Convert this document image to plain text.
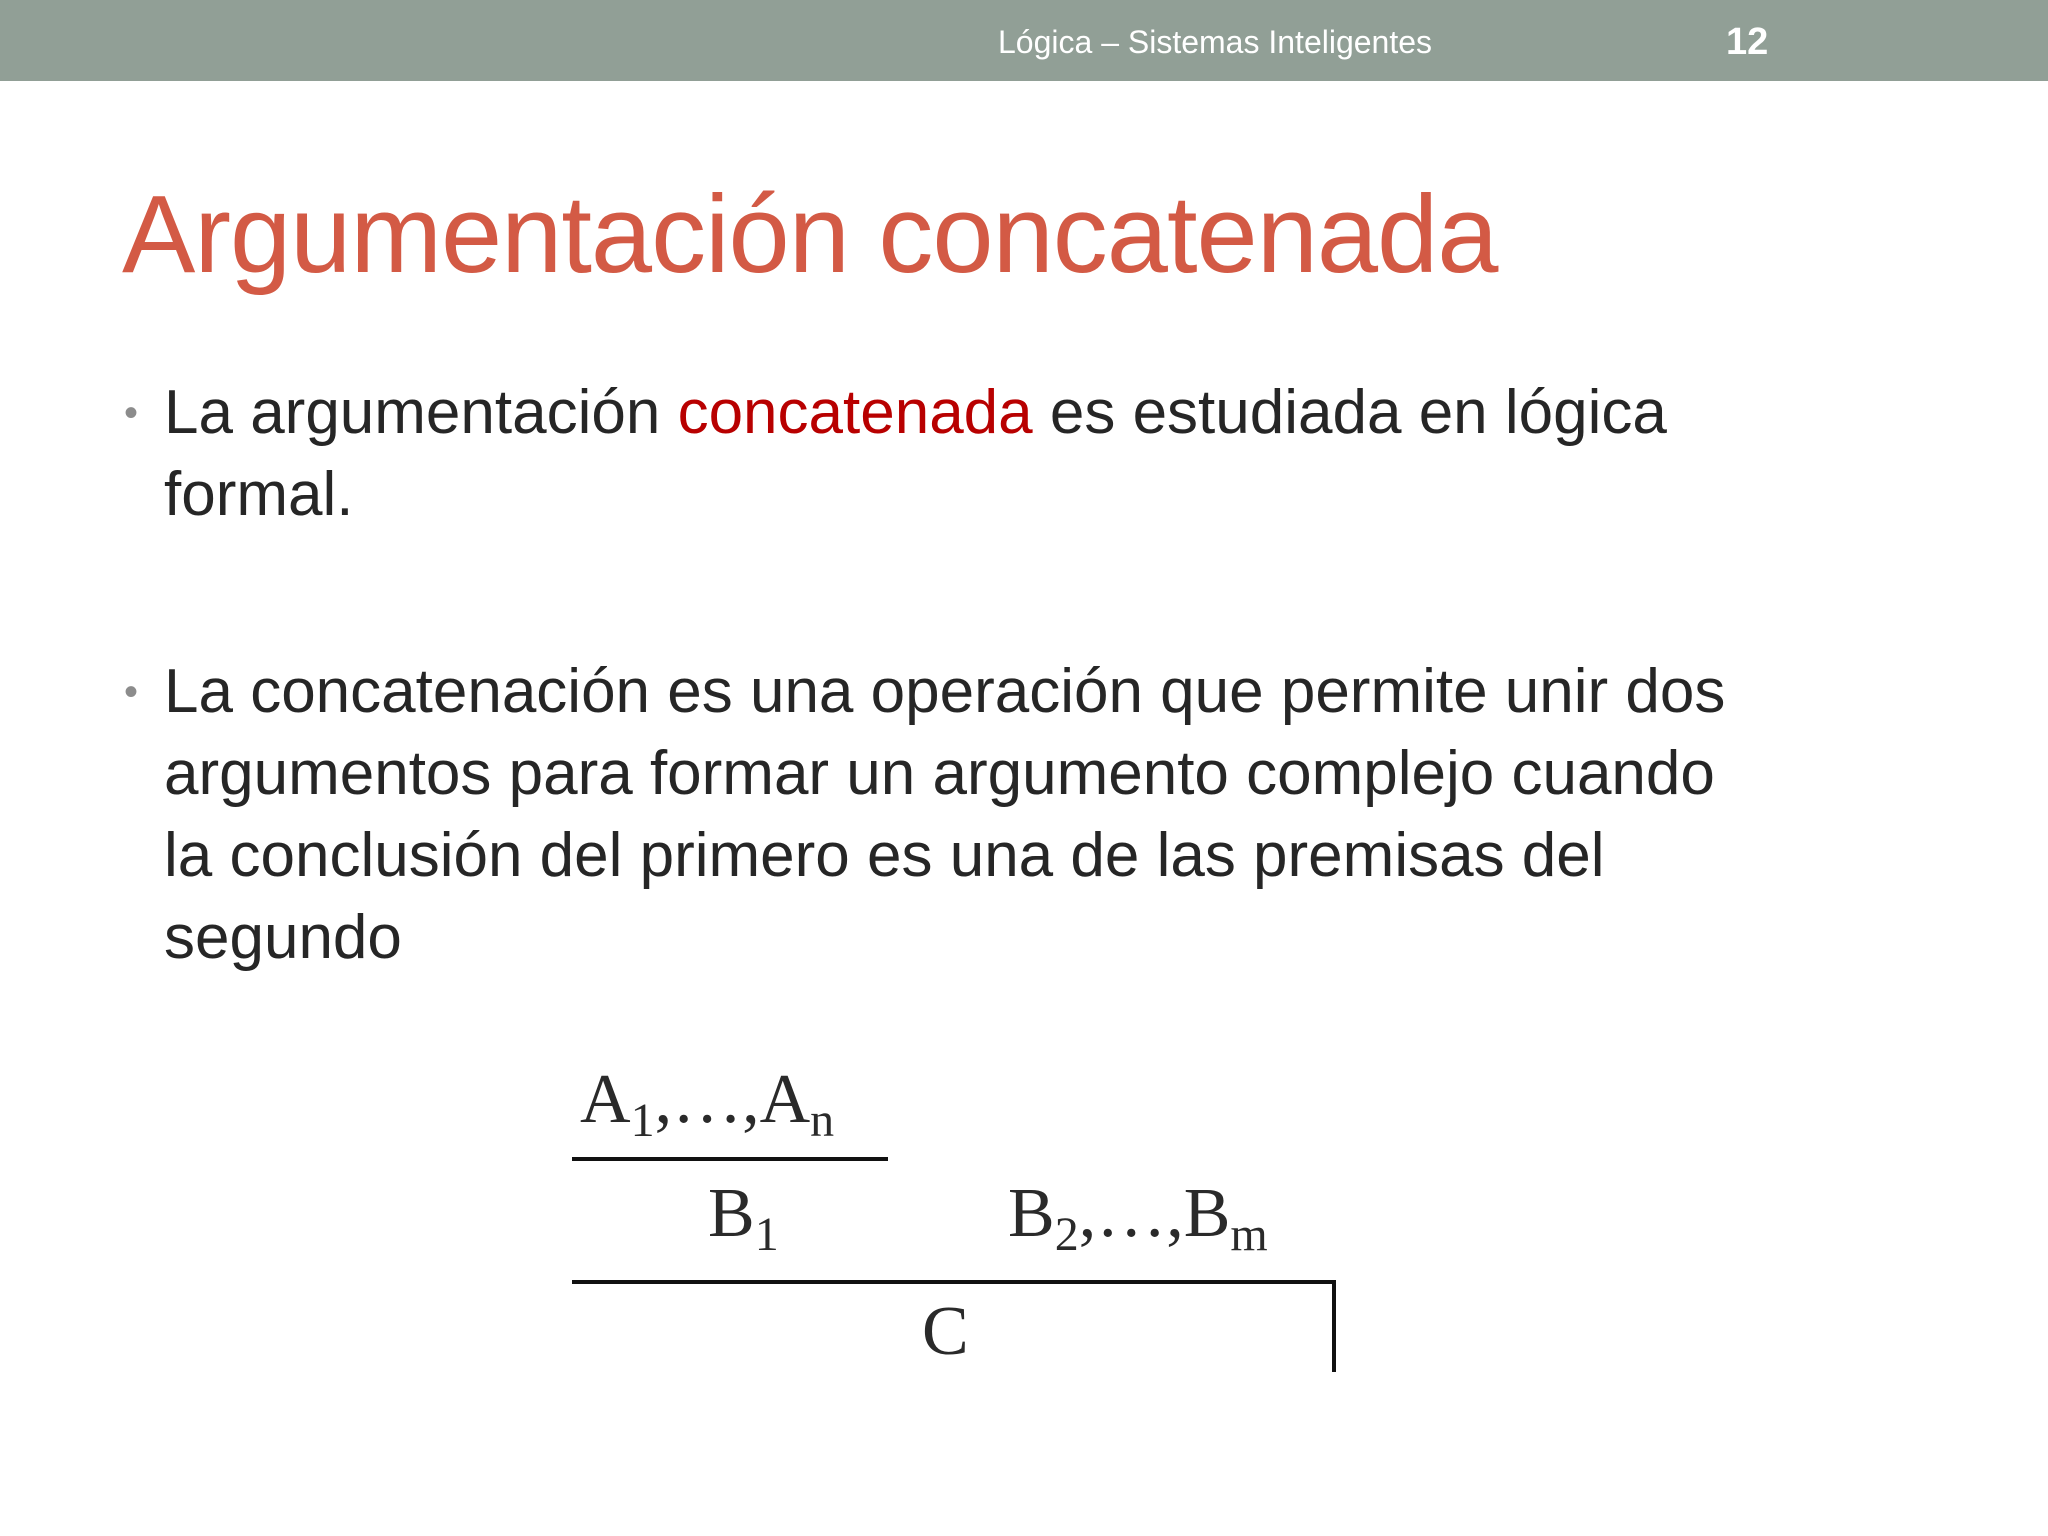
Lógica – Sistemas Inteligentes	12
Argumentación concatenada
• La argumentación concatenada es estudiada en lógica
formal.
• La concatenación es una operación que permite unir dos
argumentos para formar un argumento complejo cuando
la conclusión del primero es una de las premisas del
segundo
$A_1,\dots,A_n$
$B_1$	$B_2,\dots,B_m$
C
